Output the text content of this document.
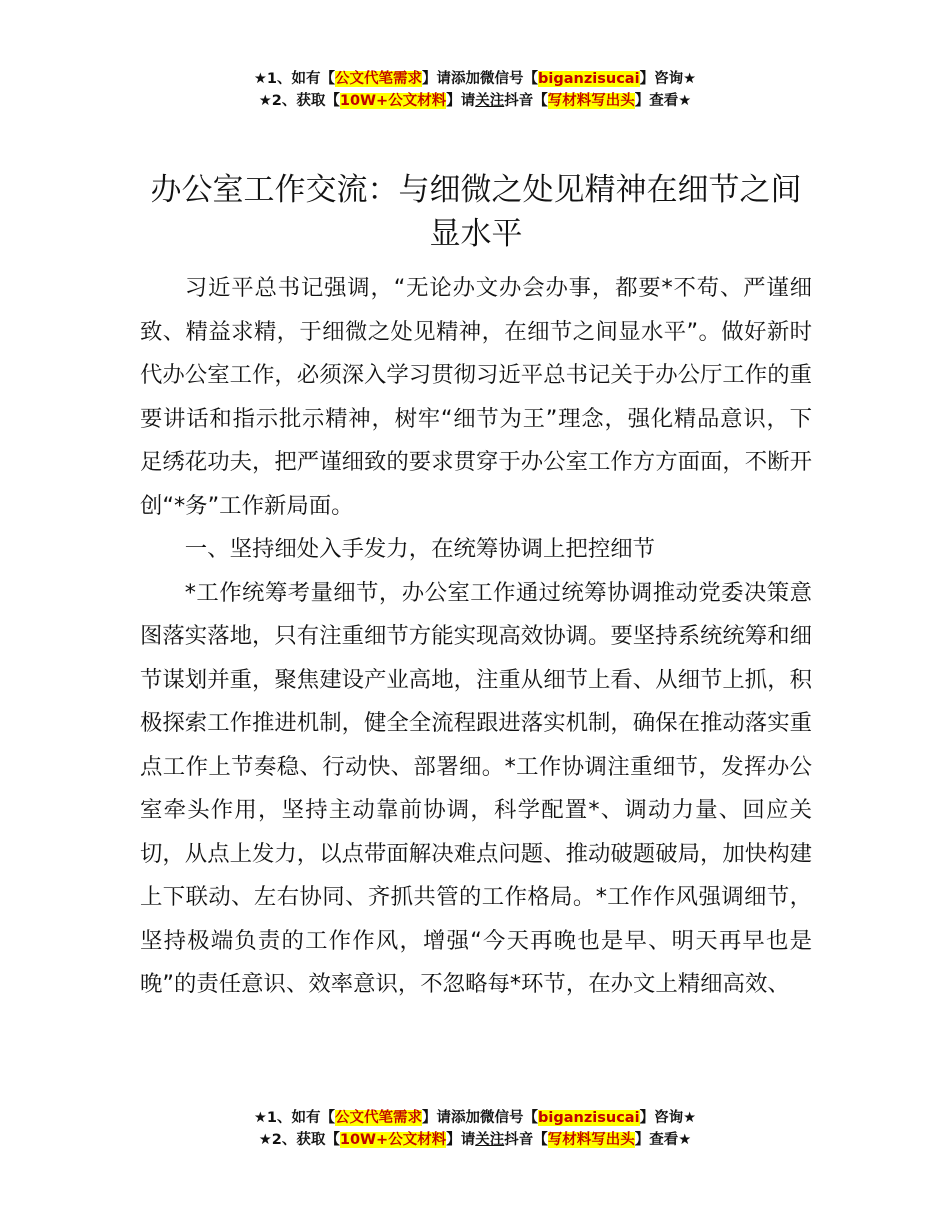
★1、如有【公文代笔需求】请添加微信号【biganzisucai】咨询★
★2、获取【10W+公文材料】请关注抖音【写材料写出头】查看★
办公室工作交流：与细微之处见精神在细节之间显水平

习近平总书记强调，“无论办文办会办事，都要*不苟、严谨细致、精益求精，于细微之处见精神，在细节之间显水平”。做好新时代办公室工作，必须深入学习贯彻习近平总书记关于办公厅工作的重要讲话和指示批示精神，树牢“细节为王”理念，强化精品意识，下足绣花功夫，把严谨细致的要求贯穿于办公室工作方方面面，不断开创“*务”工作新局面。

一、坚持细处入手发力，在统筹协调上把控细节

*工作统筹考量细节，办公室工作通过统筹协调推动党委决策意图落实落地，只有注重细节方能实现高效协调。要坚持系统统筹和细节谋划并重，聚焦建设产业高地，注重从细节上看、从细节上抓，积极探索工作推进机制，健全全流程跟进落实机制，确保在推动落实重点工作上节奏稳、行动快、部署细。*工作协调注重细节，发挥办公室牵头作用，坚持主动靠前协调，科学配置*、调动力量、回应关切，从点上发力，以点带面解决难点问题、推动破题破局，加快构建上下联动、左右协同、齐抓共管的工作格局。*工作作风强调细节，坚持极端负责的工作作风，增强“今天再晚也是早、明天再早也是晚”的责任意识、效率意识，不忽略每*环节，在办文上精细高效、

★1、如有【公文代笔需求】请添加微信号【biganzisucai】咨询★
★2、获取【10W+公文材料】请关注抖音【写材料写出头】查看★
